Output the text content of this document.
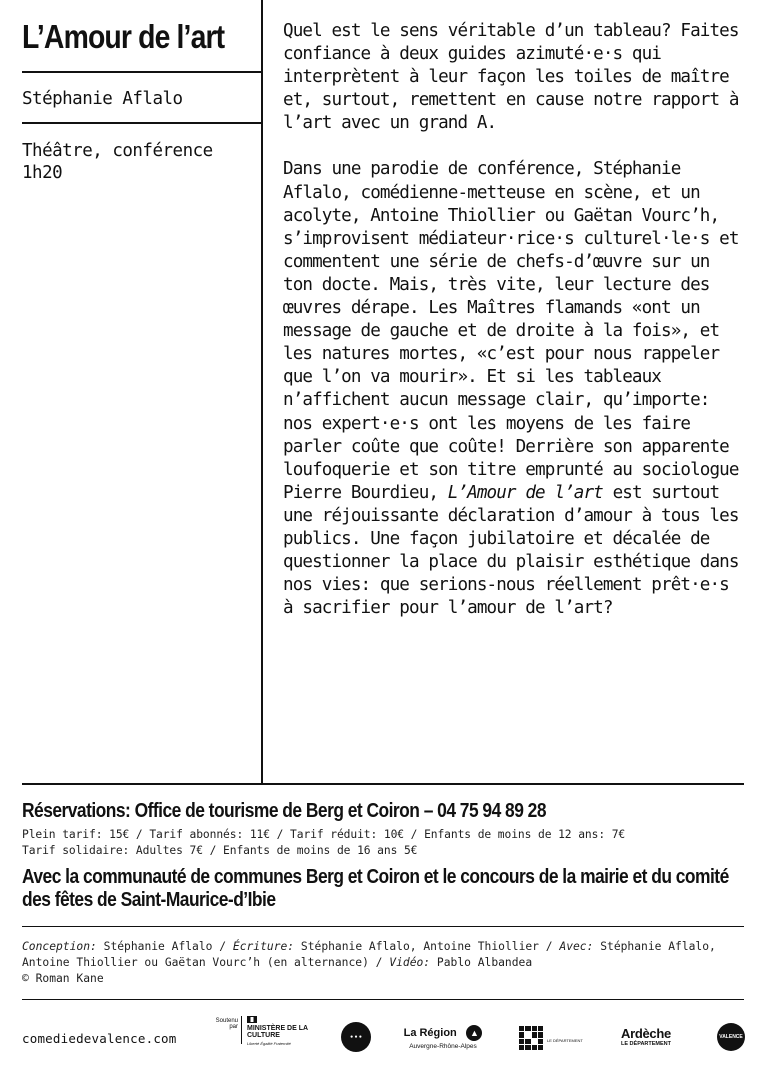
L’Amour de l’art
Stéphanie Aflalo
Théâtre, conférence
1h20

Quel est le sens véritable d’un tableau? Faites confiance à deux guides azimuté·e·s qui interprètent à leur façon les toiles de maître et, surtout, remettent en cause notre rapport à l’art avec un grand A.

Dans une parodie de conférence, Stéphanie Aflalo, comédienne-metteuse en scène, et un acolyte, Antoine Thiollier ou Gaëtan Vourc’h, s’improvisent médiateur·rice·s culturel·le·s et commentent une série de chefs-d’œuvre sur un ton docte. Mais, très vite, leur lecture des œuvres dérape. Les Maîtres flamands «ont un message de gauche et de droite à la fois», et les natures mortes, «c’est pour nous rappeler que l’on va mourir». Et si les tableaux n’affichent aucun message clair, qu’importe: nos expert·e·s ont les moyens de les faire parler coûte que coûte! Derrière son apparente loufoquerie et son titre emprunté au sociologue Pierre Bourdieu, L’Amour de l’art est surtout une réjouissante déclaration d’amour à tous les publics. Une façon jubilatoire et décalée de questionner la place du plaisir esthétique dans nos vies: que serions-nous réellement prêt·e·s à sacrifier pour l’amour de l’art?

Réservations: Office de tourisme de Berg et Coiron – 04 75 94 89 28
Plein tarif: 15€ / Tarif abonnés: 11€ / Tarif réduit: 10€ / Enfants de moins de 12 ans: 7€
Tarif solidaire: Adultes 7€ / Enfants de moins de 16 ans 5€
Avec la communauté de communes Berg et Coiron et le concours de la mairie et du comité des fêtes de Saint-Maurice-d’Ibie
Conception: Stéphanie Aflalo / Écriture: Stéphanie Aflalo, Antoine Thiollier / Avec: Stéphanie Aflalo, Antoine Thiollier ou Gaëtan Vourc’h (en alternance) / Vidéo: Pablo Albandea
© Roman Kane
comediedevalence.com
Soutenu par MINISTÈRE DE LA CULTURE
Liberté Égalité Fraternité
● ● ●	La Région ▲
Auvergne-Rhône-Alpes
LE DÉPARTEMENT	Ardèche
LE DÉPARTEMENT
VALENCE
